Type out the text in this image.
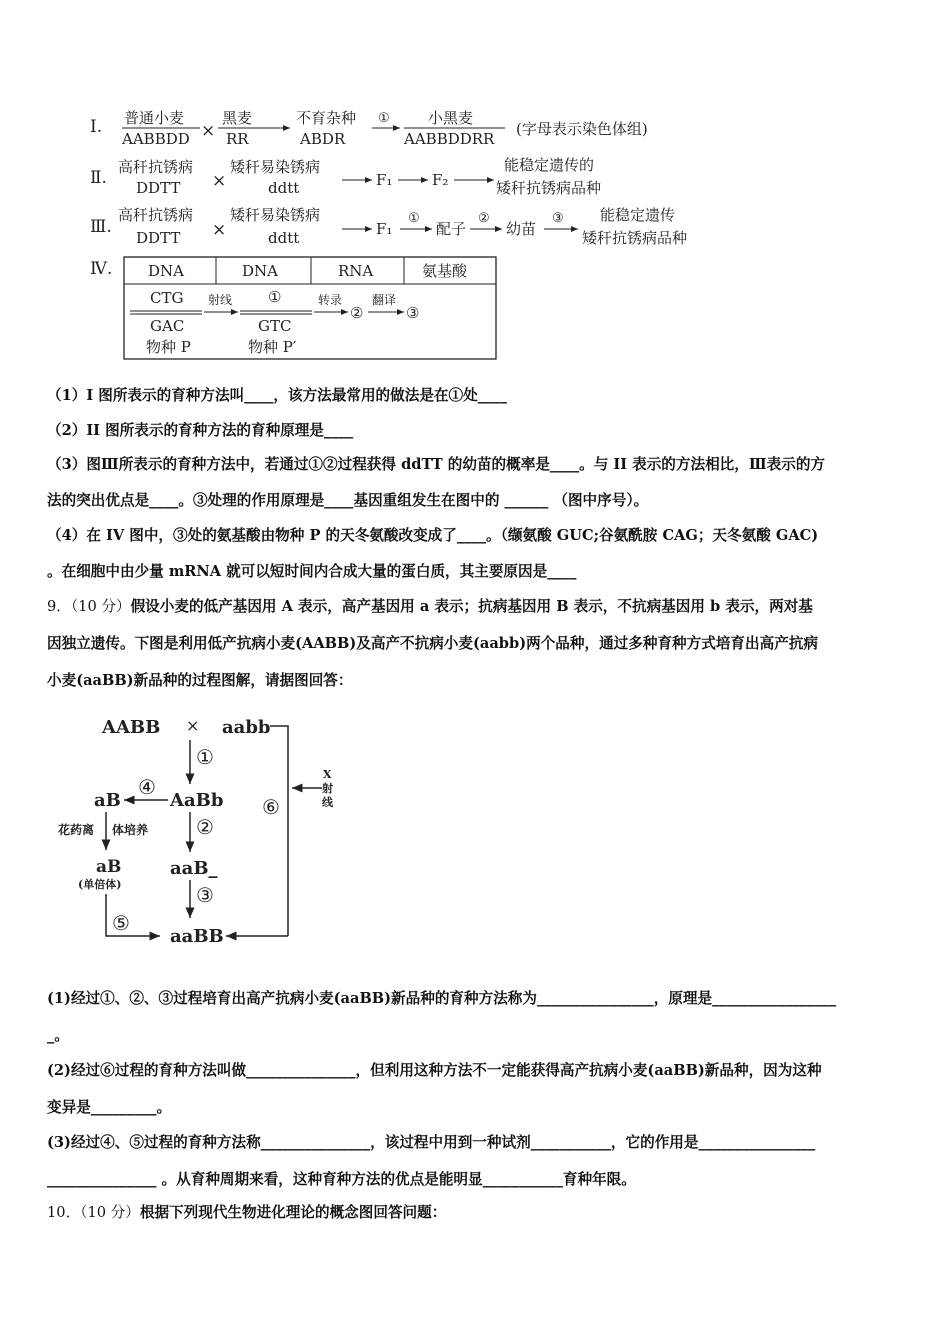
Ⅰ. 普通小麦
AABBDD ×
黑麦
RR
不育杂种
ABDR
①	小黑麦
AABBDDRR
(字母表示染色体组)
Ⅱ.
高秆抗锈病
DDTT ×
矮秆易染锈病
ddtt	F₁	F₂
能稳定遗传的
矮秆抗锈病品种
Ⅲ.
高秆抗锈病
DDTT ×
矮秆易染锈病
ddtt	F₁
①
配子
②
幼苗
③ 能稳定遗传
矮秆抗锈病品种
Ⅳ. DNA	DNA	RNA	氨基酸
CTG
GAC
物种 P
射线 ①
GTC
物种 P′
转录
②
翻译
③
（1）I 图所表示的育种方法叫____，该方法最常用的做法是在①处____
（2）II 图所表示的育种方法的育种原理是____
（3）图Ⅲ所表示的育种方法中，若通过①②过程获得 ddTT 的幼苗的概率是____。与 II 表示的方法相比，Ⅲ表示的方
法的突出优点是____。③处理的作用原理是____基因重组发生在图中的 ______ （图中序号）。
（4）在 IV 图中，③处的氨基酸由物种 P 的天冬氨酸改变成了____。（缬氨酸 GUC;谷氨酰胺 CAG；天冬氨酸 GAC)
。在细胞中由少量 mRNA 就可以短时间内合成大量的蛋白质，其主要原因是____
9．（10 分）假设小麦的低产基因用 A 表示，高产基因用 a 表示；抗病基因用 B 表示，不抗病基因用 b 表示，两对基
因独立遗传。下图是利用低产抗病小麦(AABB)及高产不抗病小麦(aabb)两个品种，通过多种育种方式培育出高产抗病
小麦(aaBB)新品种的过程图解，请据图回答：
AABB × aabb
①
AaBb
④
aB
花药离 体培养
aB
(单倍体)
②
aaB_
③
⑤
aaBB
⑥
X
射
线
(1)经过①、②、③过程培育出高产抗病小麦(aaBB)新品种的育种方法称为________________，原理是_________________
_。
(2)经过⑥过程的育种方法叫做_______________，但利用这种方法不一定能获得高产抗病小麦(aaBB)新品种，因为这种
变异是_________。
(3)经过④、⑤过程的育种方法称_______________，该过程中用到一种试剂___________，它的作用是________________
_______________ 。从育种周期来看，这种育种方法的优点是能明显___________育种年限。
10．（10 分）根据下列现代生物进化理论的概念图回答问题：
